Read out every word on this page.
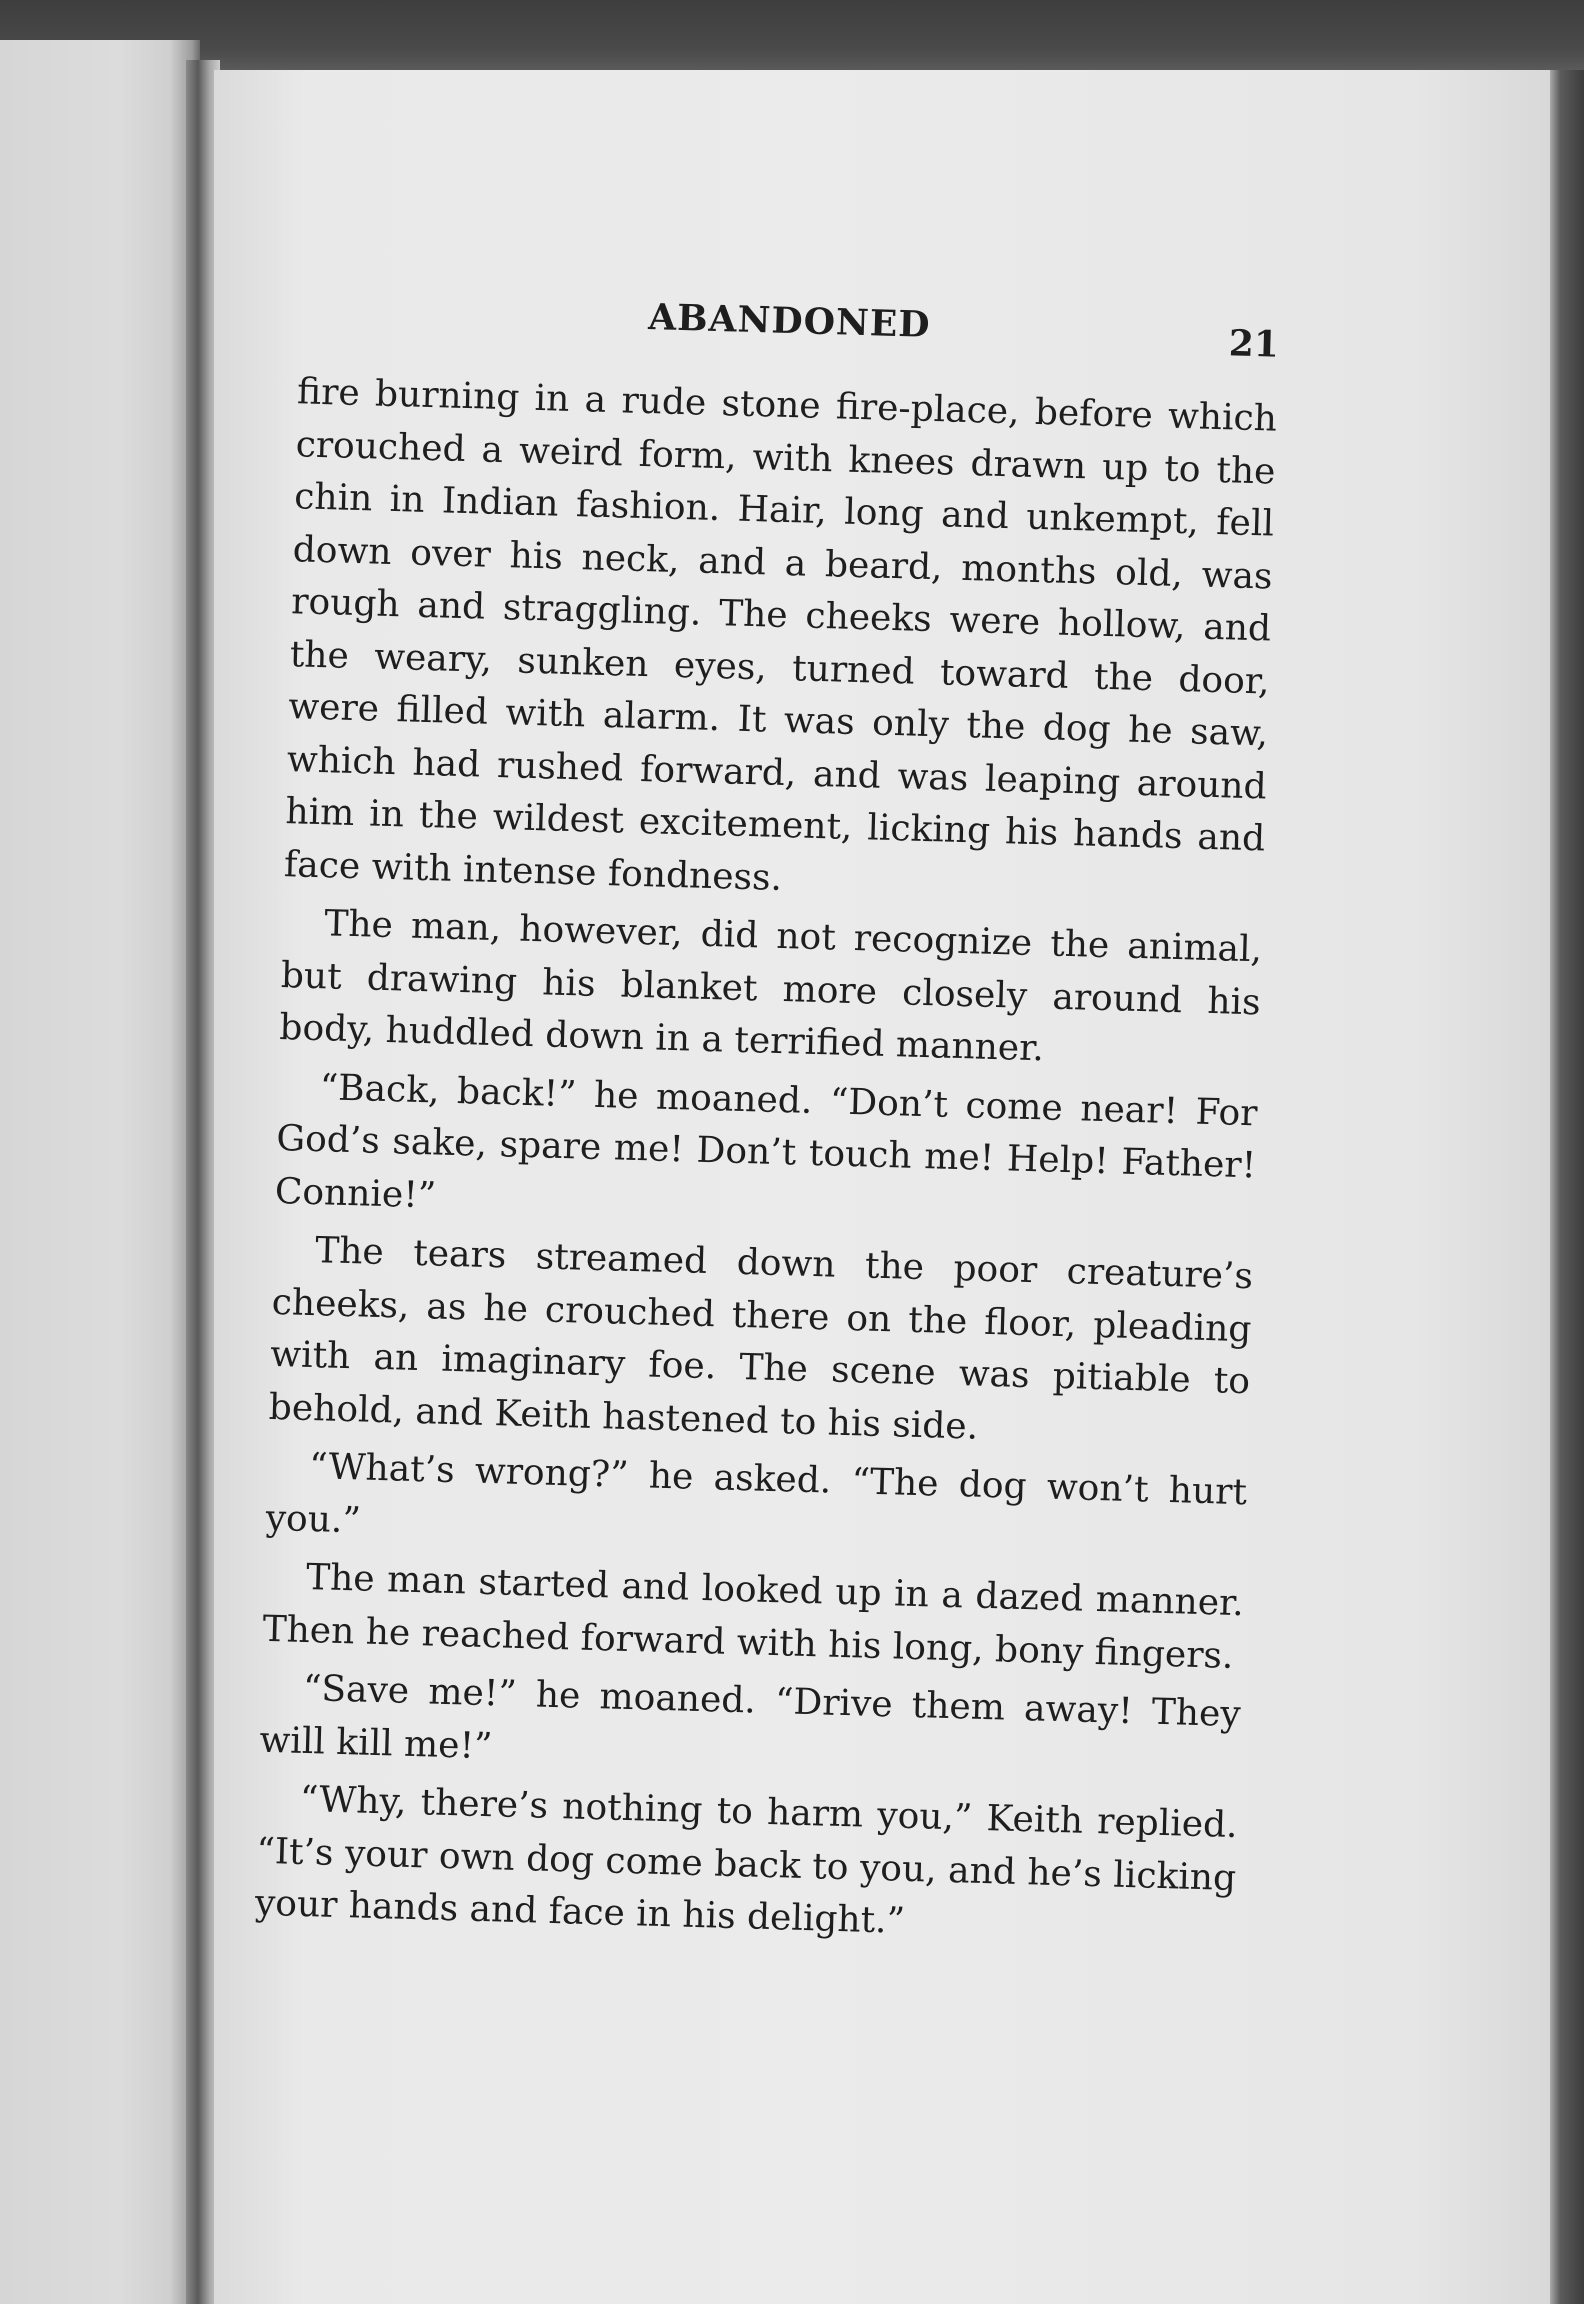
ABANDONED	21

fire burning in a rude stone fire-place, before which crouched a weird form, with knees drawn up to the chin in Indian fashion. Hair, long and unkempt, fell down over his neck, and a beard, months old, was rough and straggling. The cheeks were hollow, and the weary, sunken eyes, turned toward the door, were filled with alarm. It was only the dog he saw, which had rushed forward, and was leaping around him in the wildest excitement, licking his hands and face with intense fondness.

The man, however, did not recognize the animal, but drawing his blanket more closely around his body, huddled down in a terrified manner.

“Back, back!” he moaned. “Don’t come near! For God’s sake, spare me! Don’t touch me! Help! Father! Connie!”

The tears streamed down the poor creature’s cheeks, as he crouched there on the floor, pleading with an imaginary foe. The scene was pitiable to behold, and Keith hastened to his side.

“What’s wrong?” he asked. “The dog won’t hurt you.”

The man started and looked up in a dazed manner. Then he reached forward with his long, bony fingers.

“Save me!” he moaned. “Drive them away! They will kill me!”

“Why, there’s nothing to harm you,” Keith replied. “It’s your own dog come back to you, and he’s licking your hands and face in his delight.”
